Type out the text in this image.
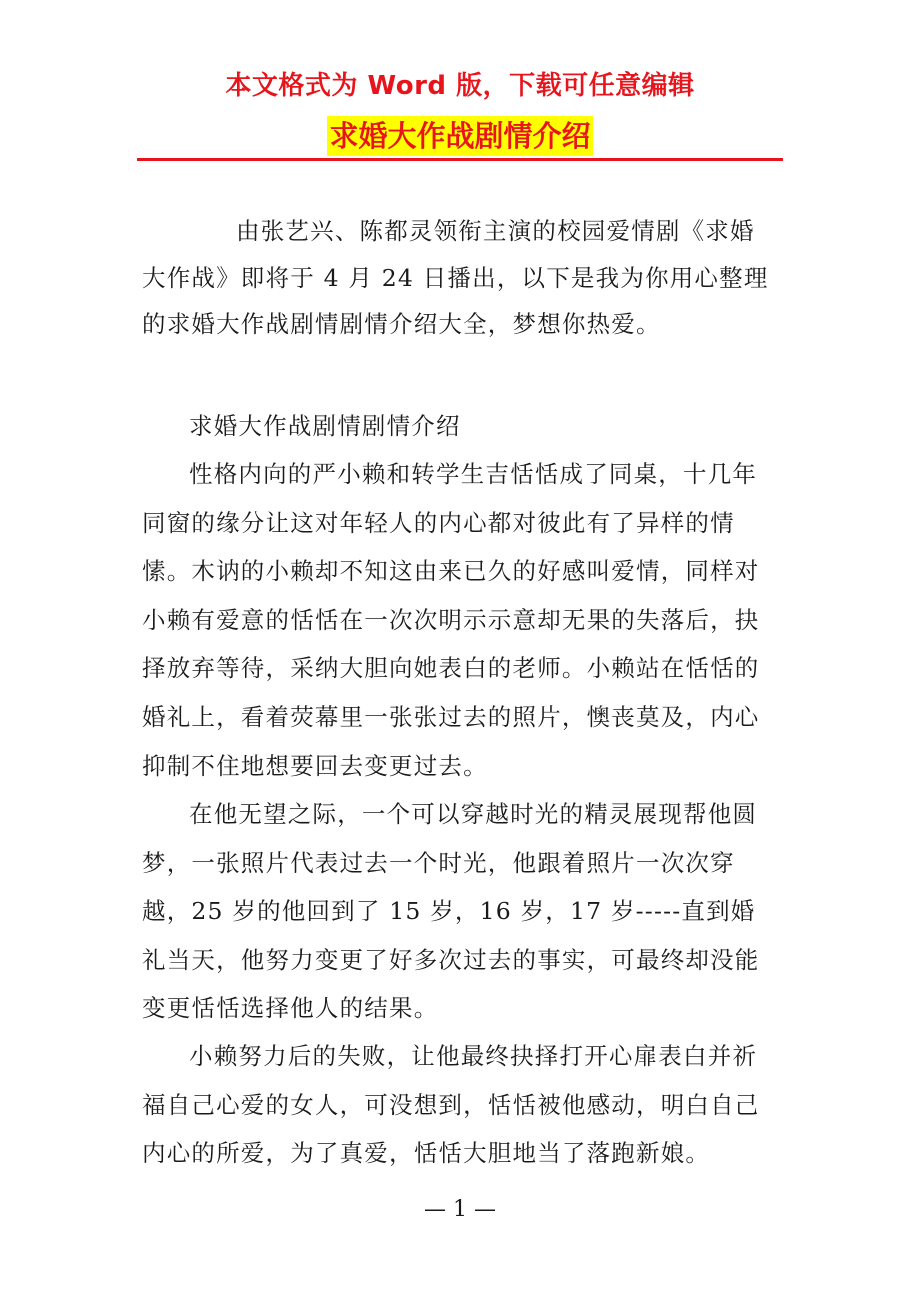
本文格式为 Word 版，下载可任意编辑
求婚大作战剧情介绍

由张艺兴、陈都灵领衔主演的校园爱情剧《求婚大作战》即将于 4 月 24 日播出，以下是我为你用心整理的求婚大作战剧情剧情介绍大全，梦想你热爱。

求婚大作战剧情剧情介绍

性格内向的严小赖和转学生吉恬恬成了同桌，十几年同窗的缘分让这对年轻人的内心都对彼此有了异样的情愫。木讷的小赖却不知这由来已久的好感叫爱情，同样对小赖有爱意的恬恬在一次次明示示意却无果的失落后，抉择放弃等待，采纳大胆向她表白的老师。小赖站在恬恬的婚礼上，看着荧幕里一张张过去的照片，懊丧莫及，内心抑制不住地想要回去变更过去。

在他无望之际，一个可以穿越时光的精灵展现帮他圆梦，一张照片代表过去一个时光，他跟着照片一次次穿越，25 岁的他回到了 15 岁，16 岁，17 岁-----直到婚礼当天，他努力变更了好多次过去的事实，可最终却没能变更恬恬选择他人的结果。

小赖努力后的失败，让他最终抉择打开心扉表白并祈福自己心爱的女人，可没想到，恬恬被他感动，明白自己内心的所爱，为了真爱，恬恬大胆地当了落跑新娘。

— 1 —
